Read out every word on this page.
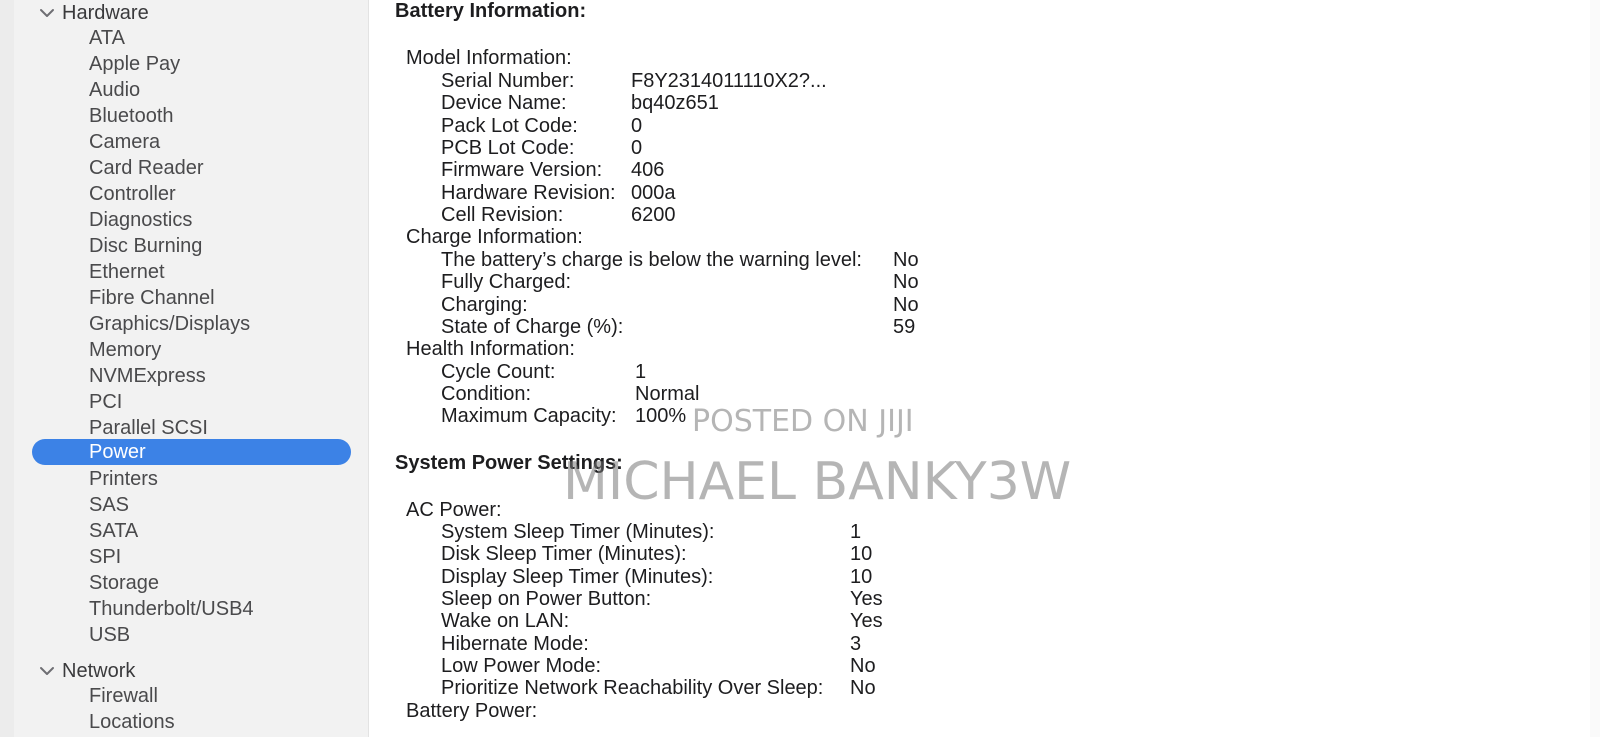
Hardware
ATA
Apple Pay
Audio
Bluetooth
Camera
Card Reader
Controller
Diagnostics
Disc Burning
Ethernet
Fibre Channel
Graphics/Displays
Memory
NVMExpress
PCI
Parallel SCSI
Power
Printers
SAS
SATA
SPI
Storage
Thunderbolt/USB4
USB
Network
Firewall
Locations
Battery Information:
Model Information:
Serial Number:	F8Y2314011110X2?...
Device Name:	bq40z651
Pack Lot Code:	0
PCB Lot Code:	0
Firmware Version: 406
Hardware Revision: 000a
Cell Revision:	6200
Charge Information:
The battery’s charge is below the warning level: No
Fully Charged:	No
Charging:	No
State of Charge (%):	59
Health Information:
Cycle Count:	1
Condition:	Normal
Maximum Capacity: 100%
System Power Settings:
AC Power:
System Sleep Timer (Minutes):	1
Disk Sleep Timer (Minutes):	10
Display Sleep Timer (Minutes):	10
Sleep on Power Button:	Yes
Wake on LAN:	Yes
Hibernate Mode:	3
Low Power Mode:	No
Prioritize Network Reachability Over Sleep: No
Battery Power:
POSTED ON JIJI
MICHAEL BANKY3W
